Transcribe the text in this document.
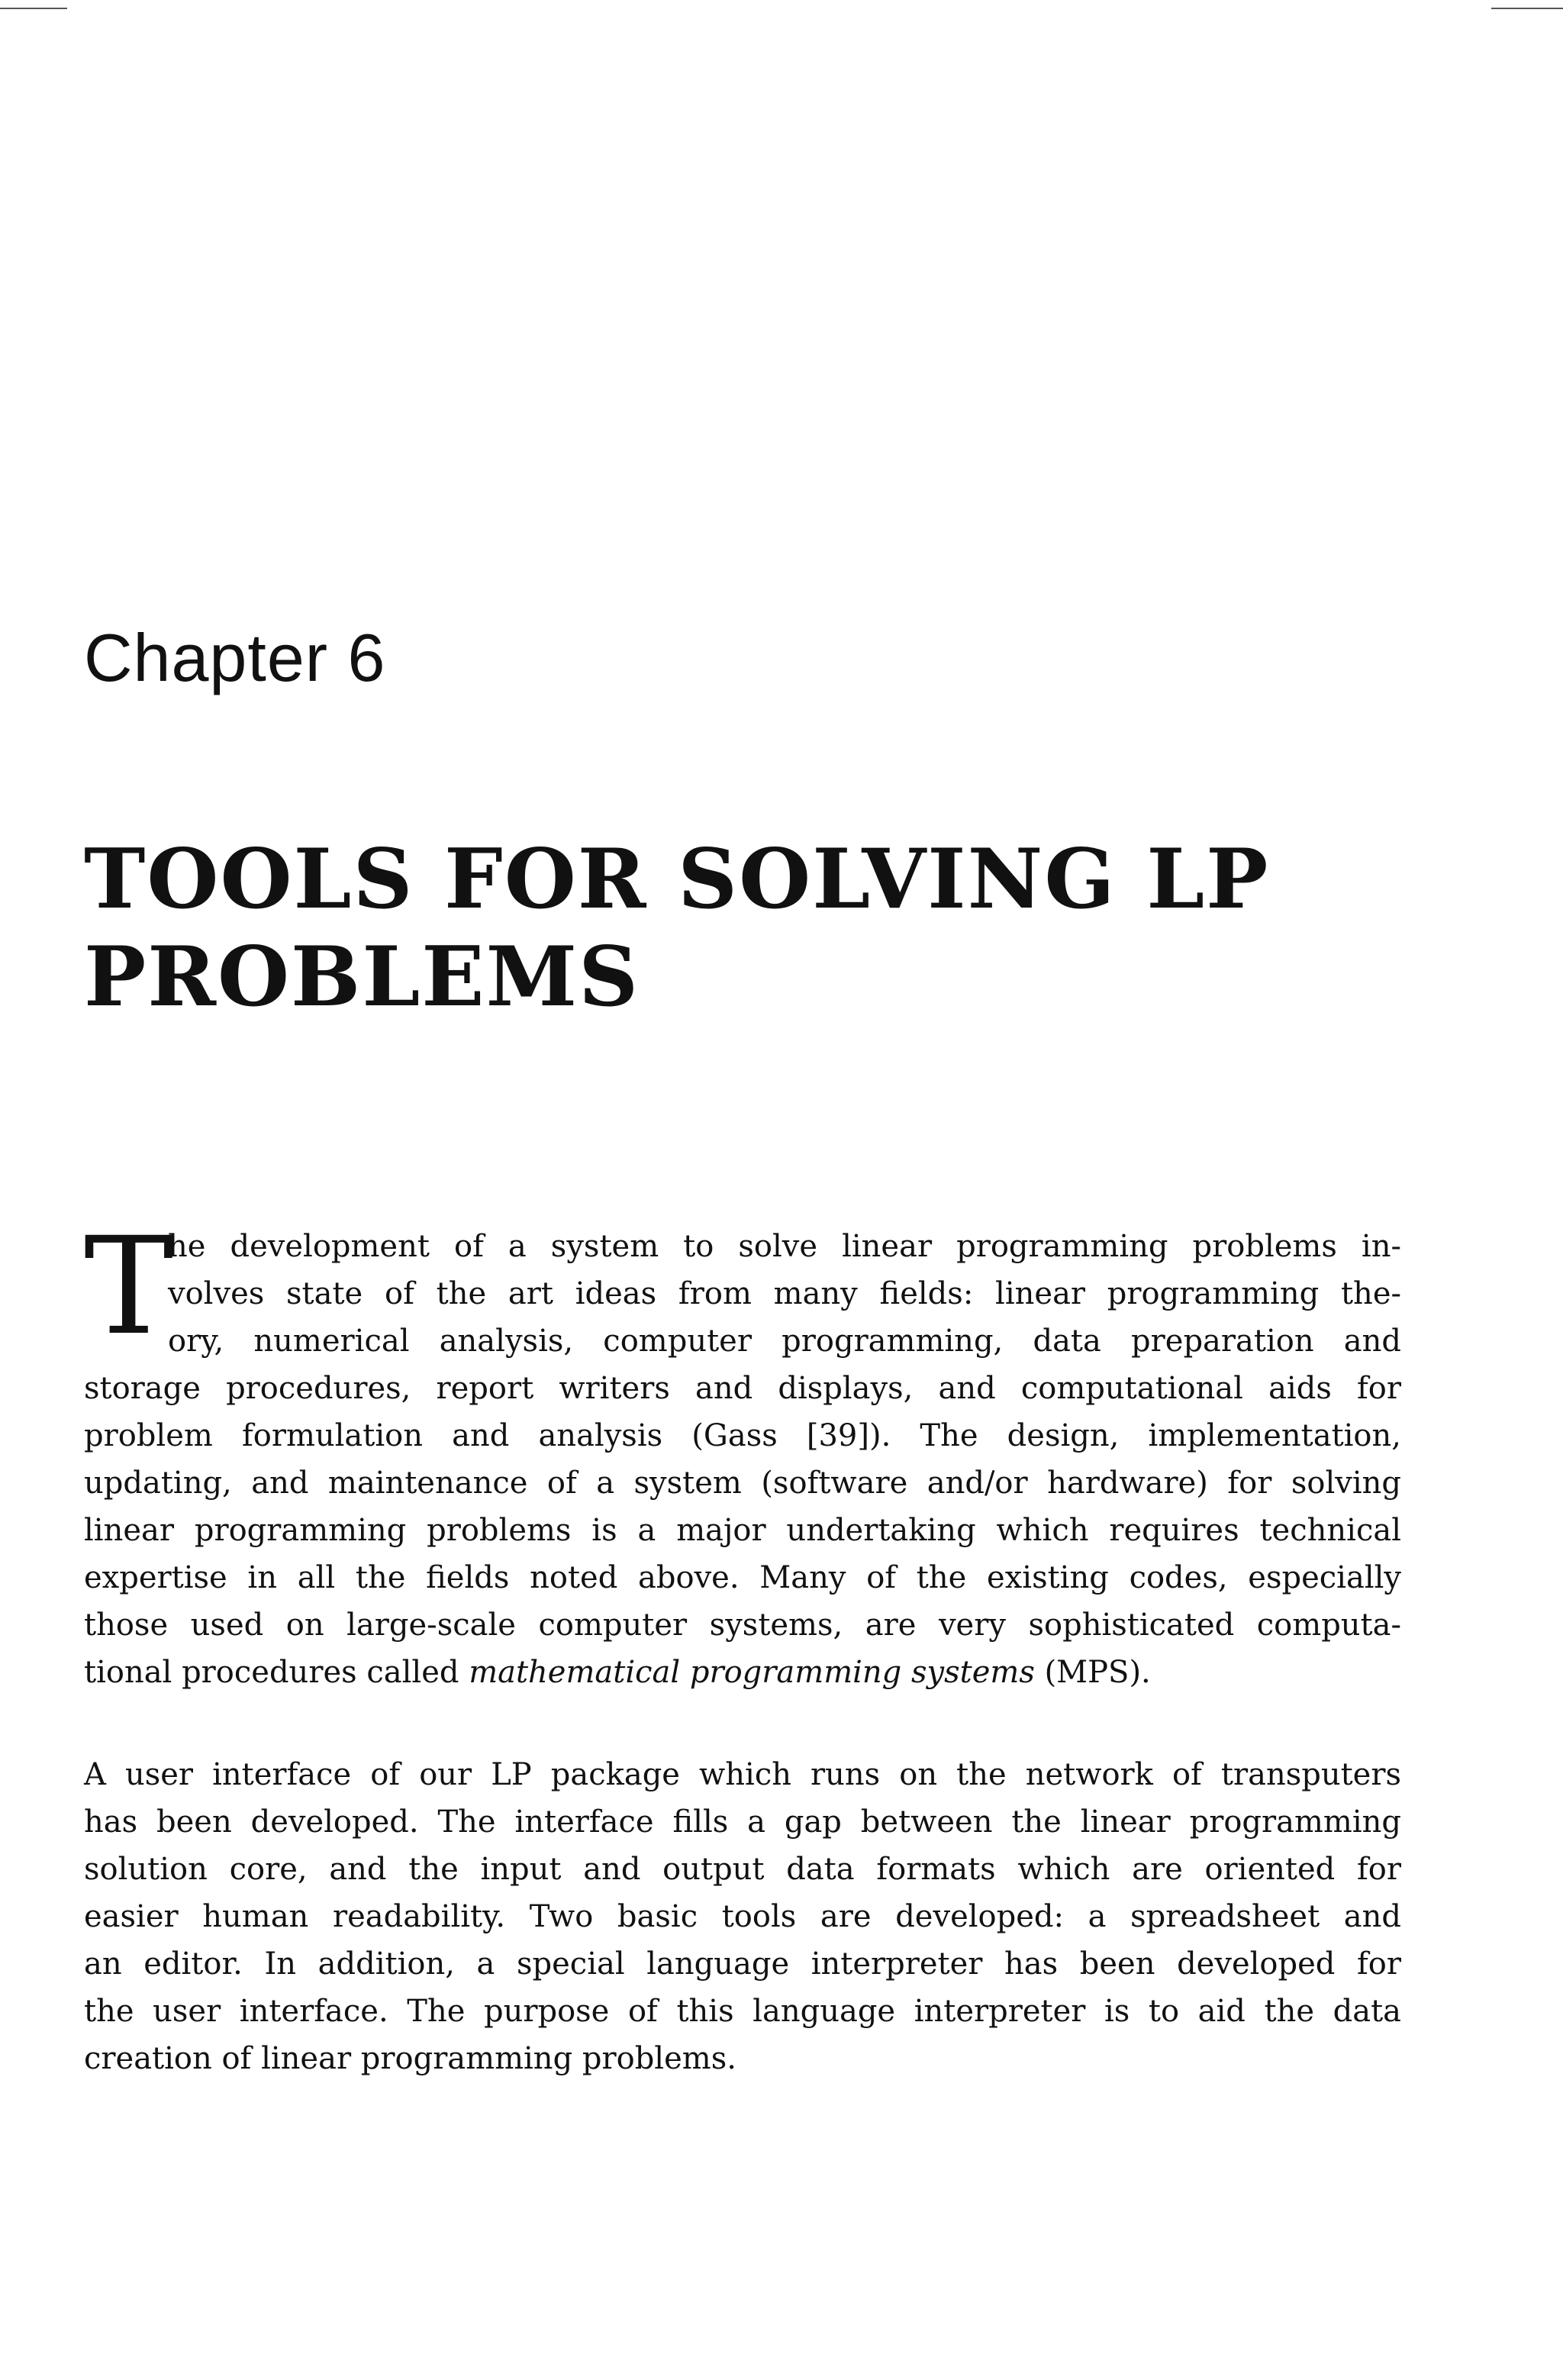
Chapter 6
TOOLS FOR SOLVING LP
PROBLEMS
T
he development of a system to solve linear programming problems in-
volves state of the art ideas from many fields: linear programming the-
ory, numerical analysis, computer programming, data preparation and
storage procedures, report writers and displays, and computational aids for
problem formulation and analysis (Gass [39]). The design, implementation,
updating, and maintenance of a system (software and/or hardware) for solving
linear programming problems is a major undertaking which requires technical
expertise in all the fields noted above. Many of the existing codes, especially
those used on large-scale computer systems, are very sophisticated computa-
tional procedures called mathematical programming systems (MPS).
A user interface of our LP package which runs on the network of transputers
has been developed. The interface fills a gap between the linear programming
solution core, and the input and output data formats which are oriented for
easier human readability. Two basic tools are developed: a spreadsheet and
an editor. In addition, a special language interpreter has been developed for
the user interface. The purpose of this language interpreter is to aid the data
creation of linear programming problems.
